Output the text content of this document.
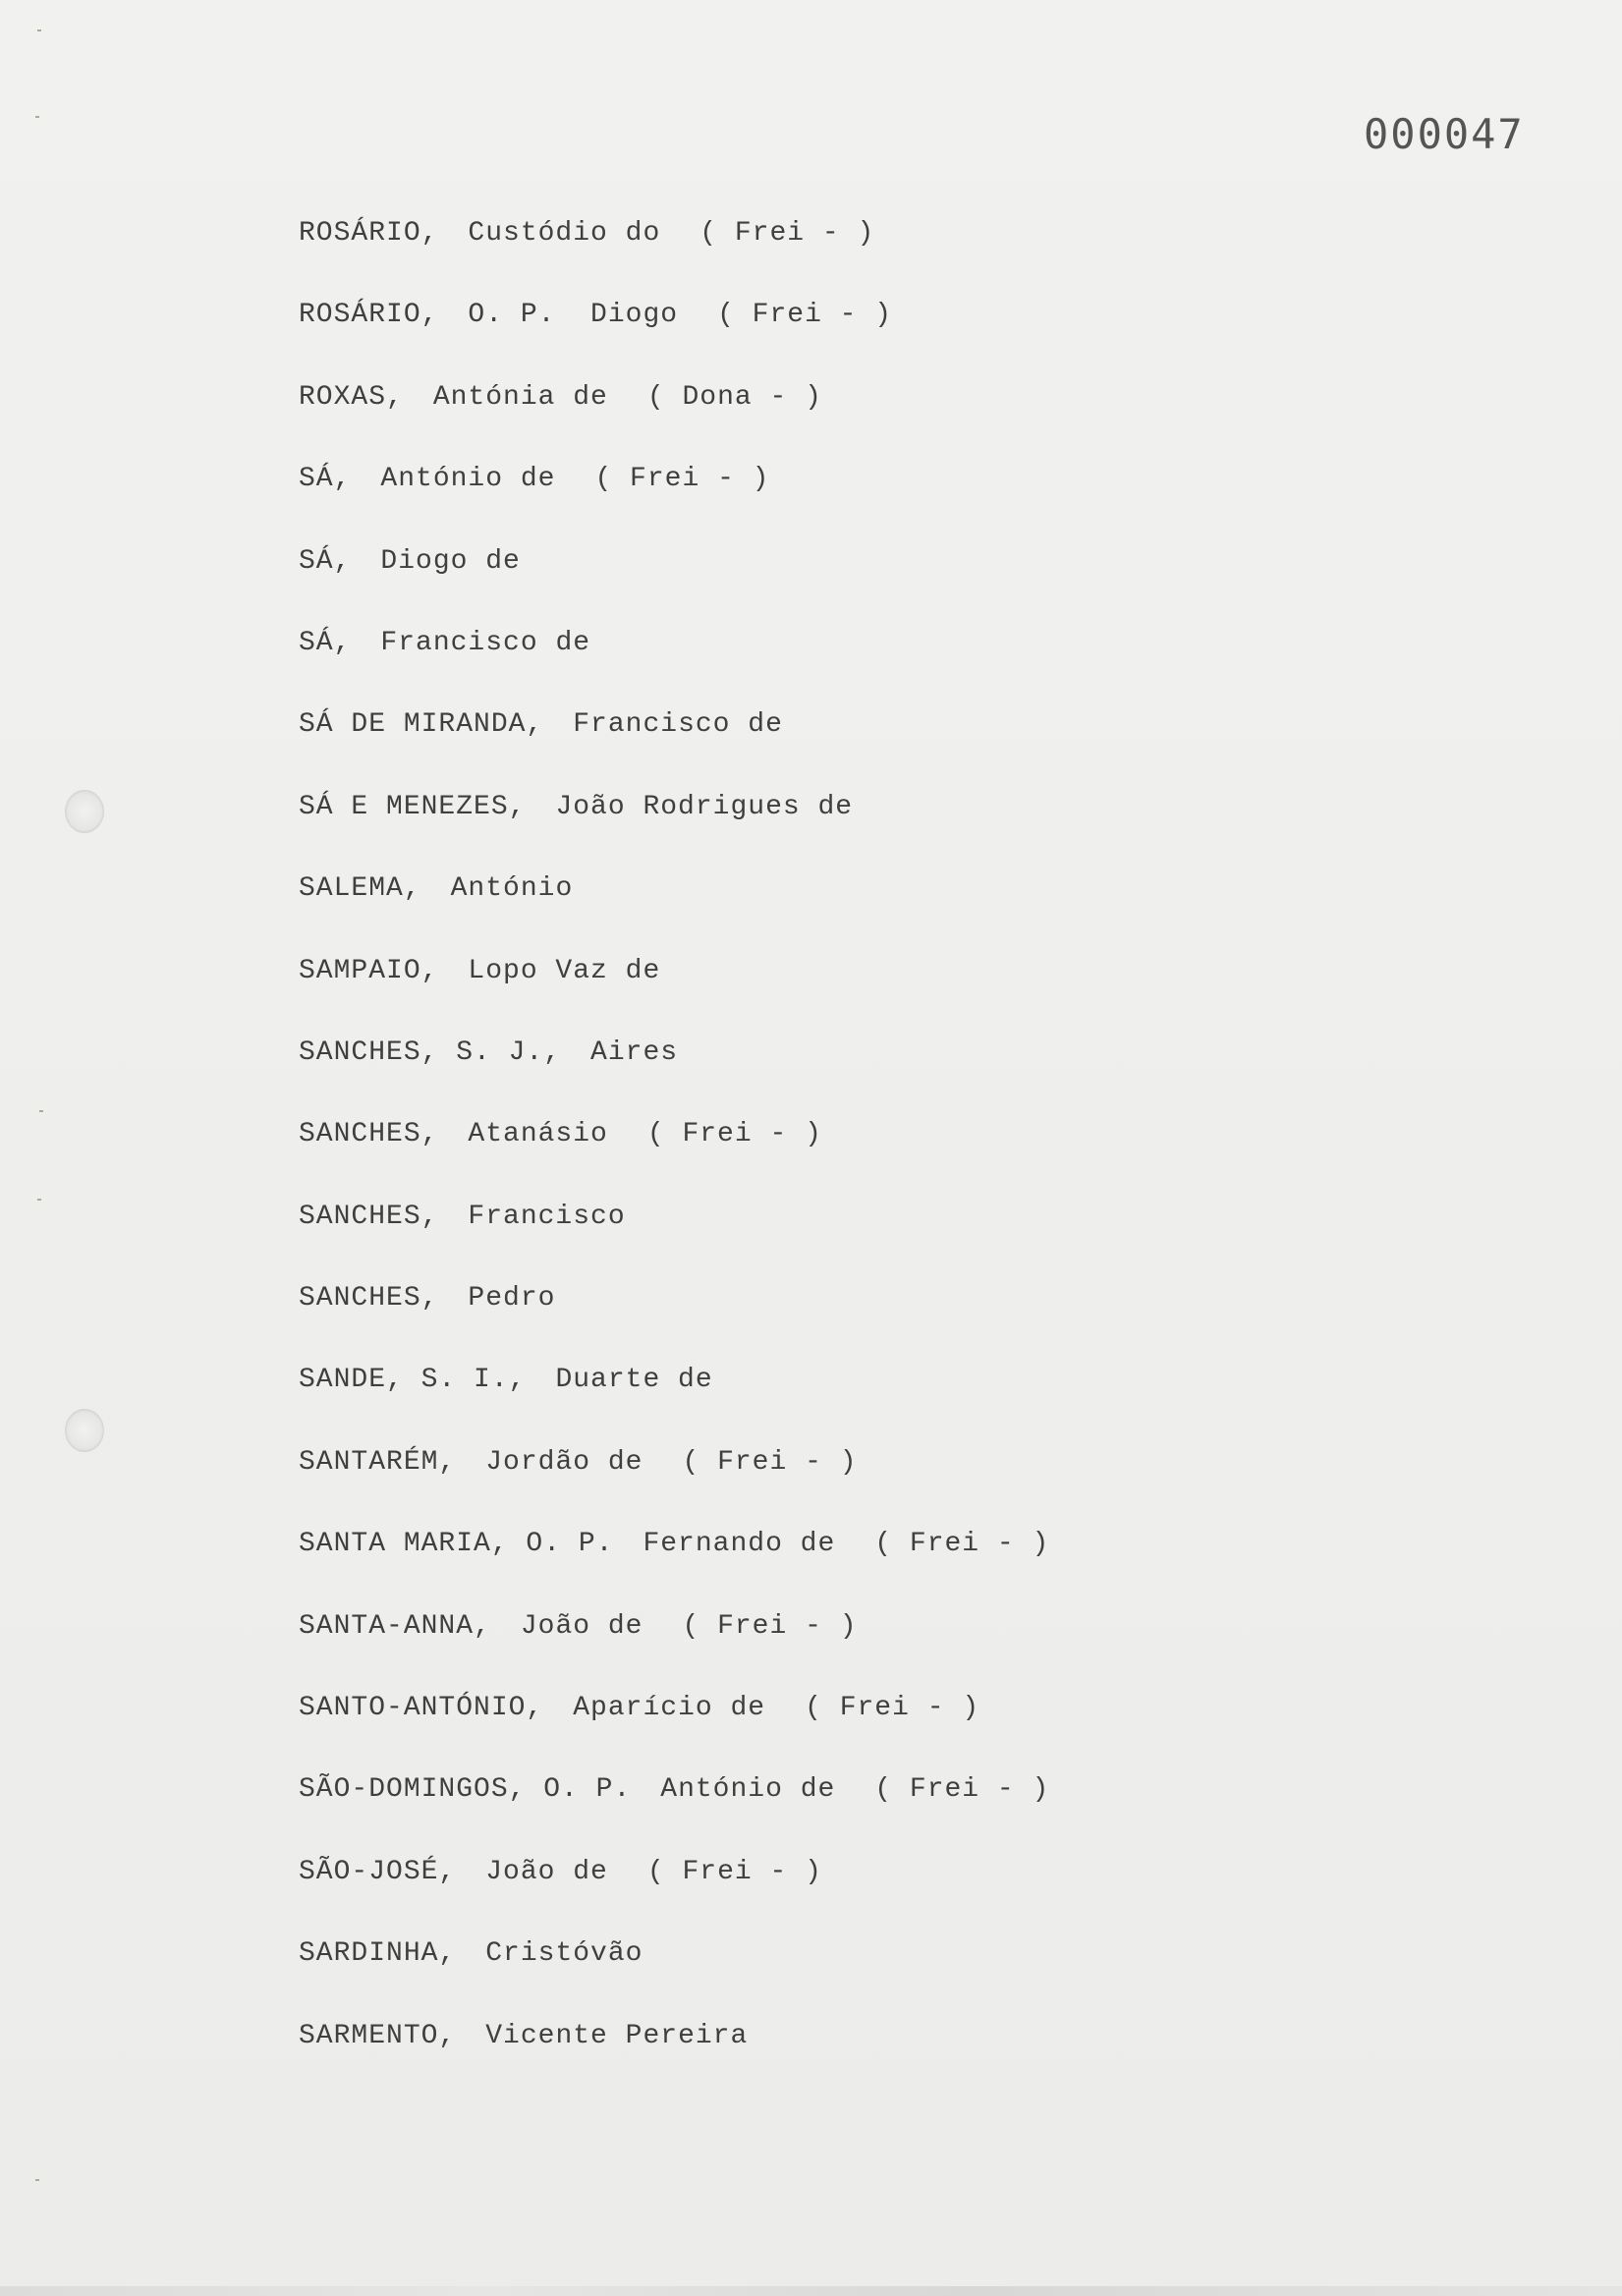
000047
ROSÁRIO, Custódio do ( Frei - )
ROSÁRIO, O. P.  Diogo ( Frei - )
ROXAS, Antónia de ( Dona - )
SÁ, António de ( Frei - )
SÁ, Diogo de
SÁ, Francisco de
SÁ DE MIRANDA, Francisco de
SÁ E MENEZES, João Rodrigues de
SALEMA, António
SAMPAIO, Lopo Vaz de
SANCHES, S. J., Aires
SANCHES, Atanásio ( Frei - )
SANCHES, Francisco
SANCHES, Pedro
SANDE, S. I., Duarte de
SANTARÉM, Jordão de ( Frei - )
SANTA MARIA, O. P. Fernando de ( Frei - )
SANTA-ANNA, João de ( Frei - )
SANTO-ANTÓNIO, Aparício de ( Frei - )
SÃO-DOMINGOS, O. P. António de ( Frei - )
SÃO-JOSÉ, João de ( Frei - )
SARDINHA, Cristóvão
SARMENTO, Vicente Pereira
